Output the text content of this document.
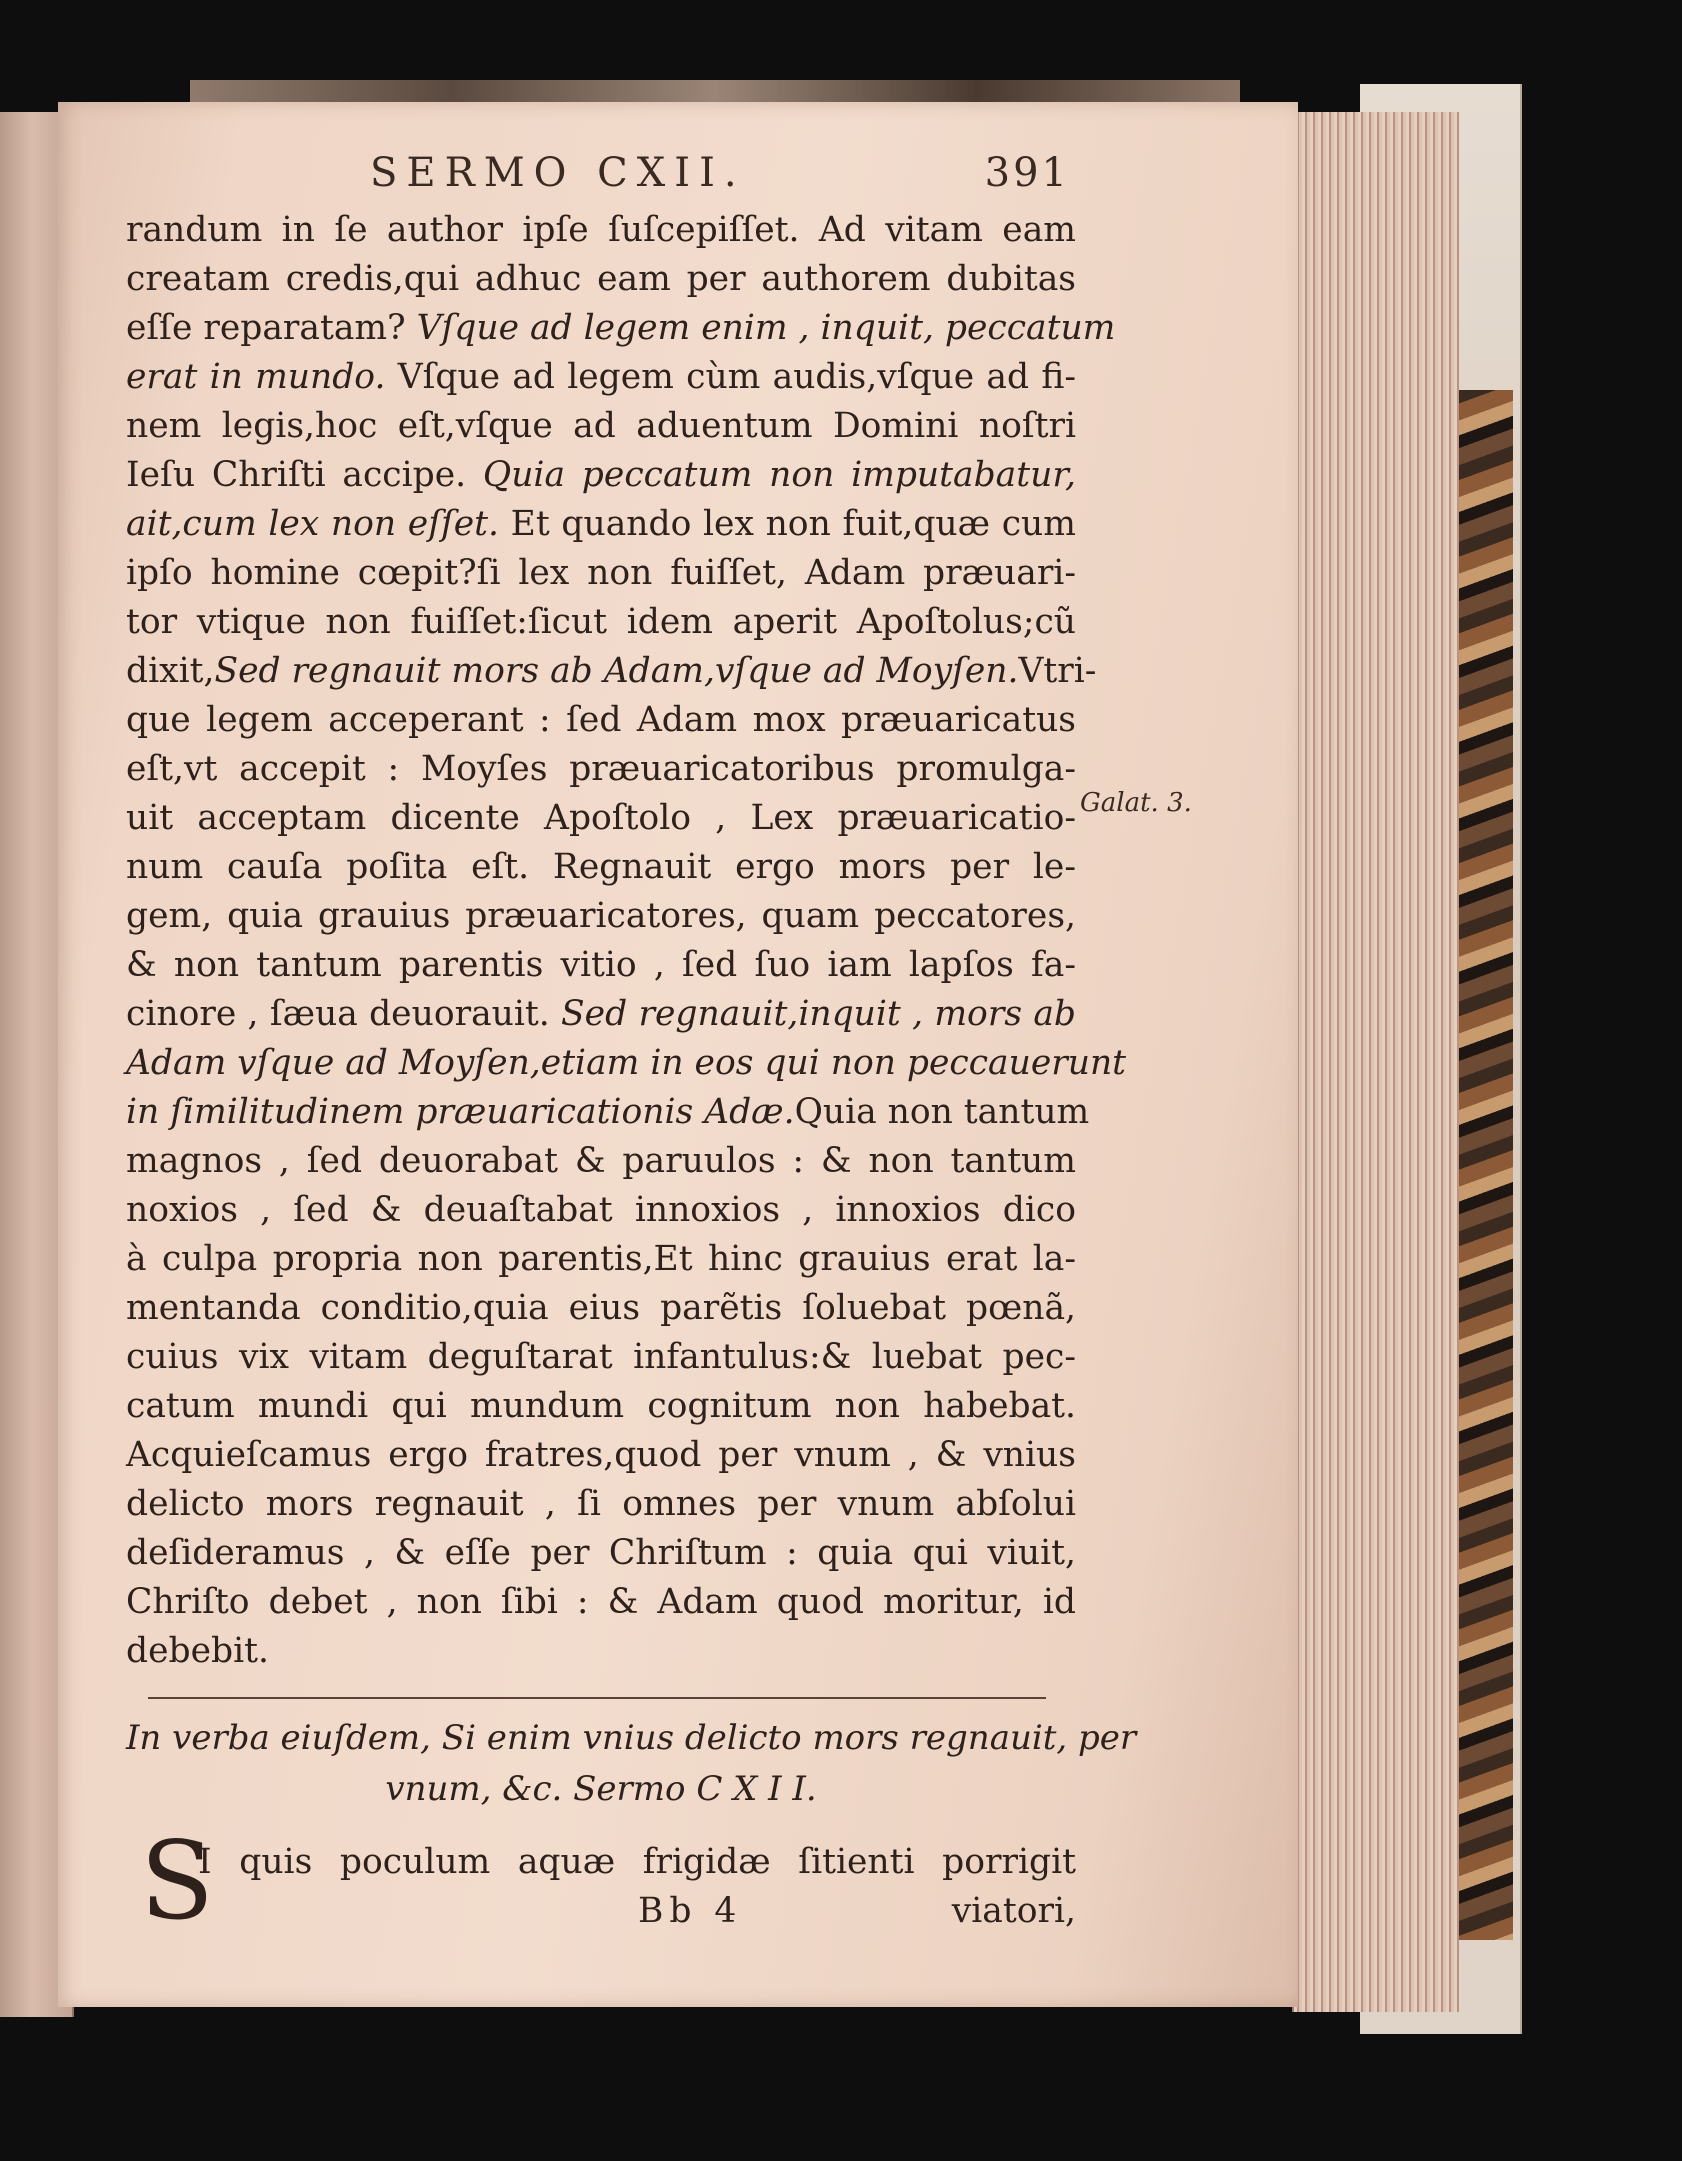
SERMO CXII.	391
randum in ſe author ipſe ſuſcepiſſet. Ad vitam eam
creatam credis,qui adhuc eam per authorem dubitas
eſſe reparatam? Vſque ad legem enim , inquit, peccatum
erat in mundo. Vſque ad legem cùm audis,vſque ad fi-
nem legis,hoc eſt,vſque ad aduentum Domini noſtri
Ieſu Chriſti accipe. Quia peccatum non imputabatur,
ait,cum lex non eſſet. Et quando lex non fuit,quæ cum
ipſo homine cœpit?ſi lex non fuiſſet, Adam præuari-
tor vtique non fuiſſet:ſicut idem aperit Apoſtolus;cũ
dixit,Sed regnauit mors ab Adam,vſque ad Moyſen.Vtri-
que legem acceperant : ſed Adam mox præuaricatus
eſt,vt accepit : Moyſes præuaricatoribus promulga-
uit acceptam dicente Apoſtolo , Lex præuaricatio-
num cauſa poſita eſt. Regnauit ergo mors per le-
gem, quia grauius præuaricatores, quam peccatores,
& non tantum parentis vitio , ſed ſuo iam lapſos fa-
cinore , ſæua deuorauit. Sed regnauit,inquit , mors ab
Adam vſque ad Moyſen,etiam in eos qui non peccauerunt
in ſimilitudinem præuaricationis Adæ.Quia non tantum
magnos , ſed deuorabat & paruulos : & non tantum
noxios , ſed & deuaſtabat innoxios , innoxios dico
à culpa propria non parentis,Et hinc grauius erat la-
mentanda conditio,quia eius parẽtis ſoluebat pœnã,
cuius vix vitam deguſtarat infantulus:& luebat pec-
catum mundi qui mundum cognitum non habebat.
Acquieſcamus ergo fratres,quod per vnum , & vnius
delicto mors regnauit , ſi omnes per vnum abſolui
deſideramus , & eſſe per Chriſtum : quia qui viuit,
Chriſto debet , non ſibi : & Adam quod moritur, id
debebit.
Galat. 3.
In verba eiuſdem, Si enim vnius delicto mors regnauit, per
vnum, &c. Sermo C X I I.
S
I quis poculum aquæ frigidæ ſitienti porrigit
Bb 4	viatori,
